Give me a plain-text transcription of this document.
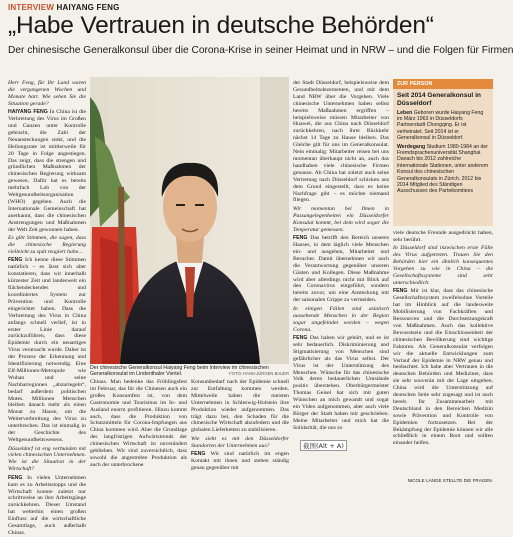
INTERVIEW HAIYANG FENG
„Habe Vertrauen in deutsche Behörden“
Der chinesische Generalkonsul über die Corona-Krise in seiner Heimat und in NRW – und die Folgen für Firmen

Herr Feng, für Ihr Land waren die vergangenen Wochen und Monate hart. Wie sehen Sie die Situation gerade?

HAIYANG FENG In China ist die Verbreitung des Virus im Großen und Ganzen unter Kontrolle gebracht, die Zahl der Neuansteckungen sinkt, und die Heilungsrate ist mittlerweile für 20 Tage in Folge angestiegen. Das zeigt, dass die strengen und gründlichen Maßnahmen der chinesischen Regierung wirksam gewesen. Dafür hat es bereits mehrfach Lob von der Weltgesundheitsorganisation (WHO) gegeben. Auch die Internationale Gemeinschaft hat anerkannt, dass die chinesischen Anstrengungen und Maßnahmen der Welt Zeit gewonnen haben.

Es gibt Stimmen, die sagen, dass die chinesische Regierung vielleicht zu spät reagiert habe...

FENG Ich kenne diese Stimmen natürlich – es lässt sich aber konstatieren, dass wir innerhalb kürzester Zeit und landesweit ein flächendeckendes und koordiniertes System zur Prävention und Kontrolle eingerichtet haben. Dass die Verbreitung des Virus in China anfangs schnell verlief, ist in erster Linie darauf zurückzuführen, dass diese Epidemie durch ein neuartiges Virus verursacht wurde. Daher ist der Prozess der Erkennung und Identifizierung notwendig. Eine Elf-Millionen-Metropole wie Wuhan und seine Nachbarregionen „abzuriegeln“, bedarf außerdem politischen Mutes. Millionen Menschen bleiben danach mehr als einen Monat zu Hause, um die Weiterverbreitung des Virus zu unterbrechen. Das ist einmalig in der Geschichte des Weltgesundheitswesens.

Düsseldorf ist eng verbunden mit vielen chinesischen Unternehmen. Wie ist die Situation in der Wirtschaft?

FENG In vielen Unternehmen kam es zu Arbeitsstopps und die Wirtschaft konnte zuletzt nur schrittweise an ihre Arbeitsgänge zurückkehren. Dieser Umstand hat weiterhin einen großen Einfluss auf die wirtschaftliche Gesamtlage, auch außerhalb Chinas.

Der chinesische Generalkonsul Haiyang Feng beim Interview im chinesischen Generalkonsulat im Lindenthaler Viertel.	FOTO: HANS-JÜRGEN BAUER

Chinas. Man bedenke das Frühlingsfest im Februar, das für die Chinesen auch ein großes Konsumfest ist, von dem Gastronomie und Tourismus im In- und Ausland enorm profitieren. Hinzu kommt auch, dass die Produktion von Schutzmitteln für Corona-Impfungen aus China kommen wird. Aber die Grundlage des langfristigen Aufwärtstrends der chinesischen Wirtschaft ist unverändert geblieben. Wir sind zuversichtlich, dass sowohl die angestrebte Produktion als auch der unterbrochene

Konsumbedarf nach der Epidemie schnell zur Entfaltung kommen werden. Mittelweile haben die meisten Unternehmen in Schleswig-Holstein ihre Produktion wieder aufgenommen. Das trägt dazu bei, den Schaden für die chinesische Wirtschaft abzufedern und die globalen Lieferketten zu stabilisieren.

Wie sieht es mit den Düsseldorfer Standorten der Unternehmen aus?

FENG Wir sind natürlich im engen Kontakt mit ihnen und stehen ständig genau gegenüber mit

der Stadt Düsseldorf, beispielsweise dem Gesundheitsdezernenten, und mit dem Land NRW über die Vorgehen. Viele chinesische Unternehmen haben selbst bereits Maßnahmen ergriffen – beispielsweise müssen Mitarbeiter von Huawei, die aus China nach Düsseldorf zurückkehren, nach ihrer Rückkehr nächst 14 Tage zu Hause bleiben. Das Gleiche gilt für uns im Generalkonsulat. Nein einmalig: Mitarbeiter reisen bei uns momentan überhaupt nicht an, auch das handhaben viele chinesische Firmen genauso. Ab China hat zuletzt auch seine Vertretung nach Düsseldorf schicken aus dem Grund eingestellt, dass es keine Nachfrage gibt – es möchte niemand fliegen.

Wir momentan bei Ihnen in Passangelegenheiten ein Düsseldorfer Konsulat kommt, bei dem wird sogar die Temperatur gemessen.

FENG Das betrifft den Bereich unseres Hauses, in dem täglich viele Menschen ein- und ausgehen, Mitarbeiter und Besucher. Damit übernehmen wir auch die Verantwortung gegenüber unseren Gästen und Kollegen. Diese Maßnahme wird aber allerdings nicht mit Blick auf den Coronavirus eingeführt, sondern bereits zuvor, um eine Ansteckung mit der saisonalen Grippe zu vermeiden.

In einigen Fällen sind asiatisch aussehende Menschen in der Region sogar angefeindet worden – wegen Corona.

FENG Das haben wir gehört, und es ist sehr bedauerlich. Diskriminierung und Stigmatisierung von Menschen sind gefährlicher als das Virus selbst. Der Virus ist der Unterstützung des Menschen. Wünsche für das chinesische Volk deren bedauerlichen Umstände positiv überstehen. Oberbürgermeister Thomas Geisel hat sich mit guten Wünschen an mich gewandt und sogar ein Video aufgenommen, aber auch viele Bürger der Stadt haben mir geschrieben. Meine Mitarbeiter und mich hat die Solidarität, die uns so

ZUR PERSON
Seit 2014 Generalkonsul in Düsseldorf
Leben Geboren wurde Haiyang Feng im März 1963 in Düsseldorfs Partnerstadt Chongqing. Er ist verheiratet. Seit 2014 ist er Generalkonsul in Düsseldorf.
Werdegang Studium 1980-1984 an der Fremdsprachenuniversität Shanghai. Danach bis 2012 zahlreiche internationale Stationen, unter anderem Konsul des chinesischen Generalkonsulats in Zürich. 2012 bis 2014 Mitglied des Ständigen Ausschusses des Parteikomitees

viele deutsche Freunde ausgedrückt haben, sehr berührt.

In Düsseldorf sind inzwischen erste Fälle des Virus aufgetreten. Trauen Sie den Behörden hier ein ähnlich konsequentes Vorgehen zu wie in China – die Gesellschaftssysteme sind sehr unterschiedlich.

FENG Mir ist klar, dass das chinesische Gesellschaftssystem zweifelsohne Vorteile hat im Hinblick auf die landesweite Mobilisierung von Fachkräften und Ressourcen und die Durchsetzungskraft von Maßnahmen. Auch das kollektive Bewusstsein und die Einschlossenheit der chinesischen Bevölkerung sind wichtige Faktoren. Als Generalkonsulat verfolgen wir die aktuelle Entwicklungen zum Verlauf der Epidemie in NRW genau und beobachtet. Ich habe aber Vertrauen in die deutschen Behörden und Mediziner, dass sie sehr souverän mit der Lage umgehen. China wird die Unterstützung auf deutschen Seite sehr zugesagt und ist auch bereit. Ihr Zusammenarbeit mit Deutschland in den Bereichen Medizin sowie Prävention und Kontrolle von Epidemien fortzusetzen. Bei der Bekämpfung der Epidemie können wir alle schließlich in einem Boot und sollten einander helfen.

截图(Alt + A)
NICOLE LANGE STELLTE DIE FRAGEN.
